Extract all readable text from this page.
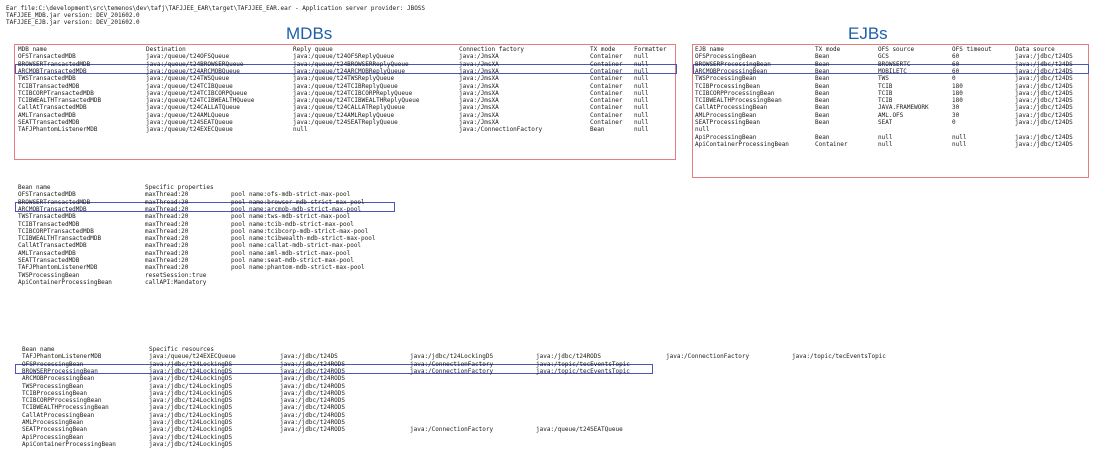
Ear file:C:\development\src\temenos\dev\tafj\TAFJJEE_EAR\target\TAFJJEE_EAR.ear - Application server provider: JBOSS
TAFJJEE_MDB.jar version: DEV_201602.0
TAFJJEE_EJB.jar version: DEV_201602.0
MDBs	EJBs
MDB name	Destination	Reply queue	Connection factory	TX mode	Formatter
OFSTransactedMDB	java:/queue/t24OFSQueue	java:/queue/t24OFSReplyQueue	java:/JmsXA	Container null
BROWSERTransactedMDB	java:/queue/t24BROWSERQueue	java:/queue/t24BROWSERReplyQueue	java:/JmsXA	Container null
ARCMOBTransactedMDB	java:/queue/t24ARCMOBQueue	java:/queue/t24ARCMOBReplyQueue	java:/JmsXA	Container null
TWSTransactedMDB	java:/queue/t24TWSQueue	java:/queue/t24TWSReplyQueue	java:/JmsXA	Container null
TCIBTransactedMDB	java:/queue/t24TCIBQueue	java:/queue/t24TCIBReplyQueue	java:/JmsXA	Container null
TCIBCORPTransactedMDB	java:/queue/t24TCIBCORPQueue	java:/queue/t24TCIBCORPReplyQueue	java:/JmsXA	Container null
TCIBWEALTHTransactedMDB	java:/queue/t24TCIBWEALTHQueue	java:/queue/t24TCIBWEALTHReplyQueue	java:/JmsXA	Container null
CallAtTransactedMDB	java:/queue/t24CALLATQueue	java:/queue/t24CALLATReplyQueue	java:/JmsXA	Container null
AMLTransactedMDB	java:/queue/t24AMLQueue	java:/queue/t24AMLReplyQueue	java:/JmsXA	Container null
SEATTransactedMDB	java:/queue/t24SEATQueue	java:/queue/t24SEATReplyQueue	java:/JmsXA	Container null
TAFJPhantomListenerMDB	java:/queue/t24EXECQueue	null	java:/ConnectionFactory	Bean	null
EJB name	TX mode	OFS source	OFS timeout	Data source
OFSProcessingBean	Bean	GCS	60	java:/jdbc/t24DS
BROWSERProcessingBean	Bean	BROWSERTC	60	java:/jdbc/t24DS
ARCMOBProcessingBean	Bean	MOBILETC	60	java:/jdbc/t24DS
TWSProcessingBean	Bean	TWS	0	java:/jdbc/t24DS
TCIBProcessingBean	Bean	TCIB	180	java:/jdbc/t24DS
TCIBCORPProcessingBean	Bean	TCIB	180	java:/jdbc/t24DS
TCIBWEALTHProcessingBean	Bean	TCIB	180	java:/jdbc/t24DS
CallAtProcessingBean	Bean	JAVA.FRAMEWORK	30	java:/jdbc/t24DS
AMLProcessingBean	Bean	AML.OFS	30	java:/jdbc/t24DS
SEATProcessingBean	Bean	SEAT	0	java:/jdbc/t24DS
null
ApiProcessingBean	Bean	null	null	java:/jdbc/t24DS
ApiContainerProcessingBean	Container	null	null	java:/jdbc/t24DS
Bean name	Specific properties
OFSTransactedMDB	maxThread:20	pool name:ofs-mdb-strict-max-pool
BROWSERTransactedMDB	maxThread:20	pool name:browser-mdb-strict-max-pool
ARCMOBTransactedMDB	maxThread:20	pool name:arcmob-mdb-strict-max-pool
TWSTransactedMDB	maxThread:20	pool name:tws-mdb-strict-max-pool
TCIBTransactedMDB	maxThread:20	pool name:tcib-mdb-strict-max-pool
TCIBCORPTransactedMDB	maxThread:20	pool name:tcibcorp-mdb-strict-max-pool
TCIBWEALTHTransactedMDB	maxThread:20	pool name:tcibwealth-mdb-strict-max-pool
CallAtTransactedMDB	maxThread:20	pool name:callat-mdb-strict-max-pool
AMLTransactedMDB	maxThread:20	pool name:aml-mdb-strict-max-pool
SEATTransactedMDB	maxThread:20	pool name:seat-mdb-strict-max-pool
TAFJPhantomListenerMDB	maxThread:20	pool name:phantom-mdb-strict-max-pool
TWSProcessingBean	resetSession:true
ApiContainerProcessingBean	callAPI:Mandatory
Bean name	Specific resources
TAFJPhantomListenerMDB	java:/queue/t24EXECQueue	java:/jdbc/t24DS	java:/jdbc/t24LockingDS	java:/jdbc/t24RODS	java:/ConnectionFactory	java:/topic/tecEventsTopic
OFSProcessingBean	java:/jdbc/t24LockingDS	java:/jdbc/t24RODS	java:/ConnectionFactory	java:/topic/tecEventsTopic
BROWSERProcessingBean	java:/jdbc/t24LockingDS	java:/jdbc/t24RODS	java:/ConnectionFactory	java:/topic/tecEventsTopic
ARCMOBProcessingBean	java:/jdbc/t24LockingDS	java:/jdbc/t24RODS
TWSProcessingBean	java:/jdbc/t24LockingDS	java:/jdbc/t24RODS
TCIBProcessingBean	java:/jdbc/t24LockingDS	java:/jdbc/t24RODS
TCIBCORPProcessingBean	java:/jdbc/t24LockingDS	java:/jdbc/t24RODS
TCIBWEALTHProcessingBean	java:/jdbc/t24LockingDS	java:/jdbc/t24RODS
CallAtProcessingBean	java:/jdbc/t24LockingDS	java:/jdbc/t24RODS
AMLProcessingBean	java:/jdbc/t24LockingDS	java:/jdbc/t24RODS
SEATProcessingBean	java:/jdbc/t24LockingDS	java:/jdbc/t24RODS	java:/ConnectionFactory	java:/queue/t24SEATQueue
ApiProcessingBean	java:/jdbc/t24LockingDS
ApiContainerProcessingBean	java:/jdbc/t24LockingDS
